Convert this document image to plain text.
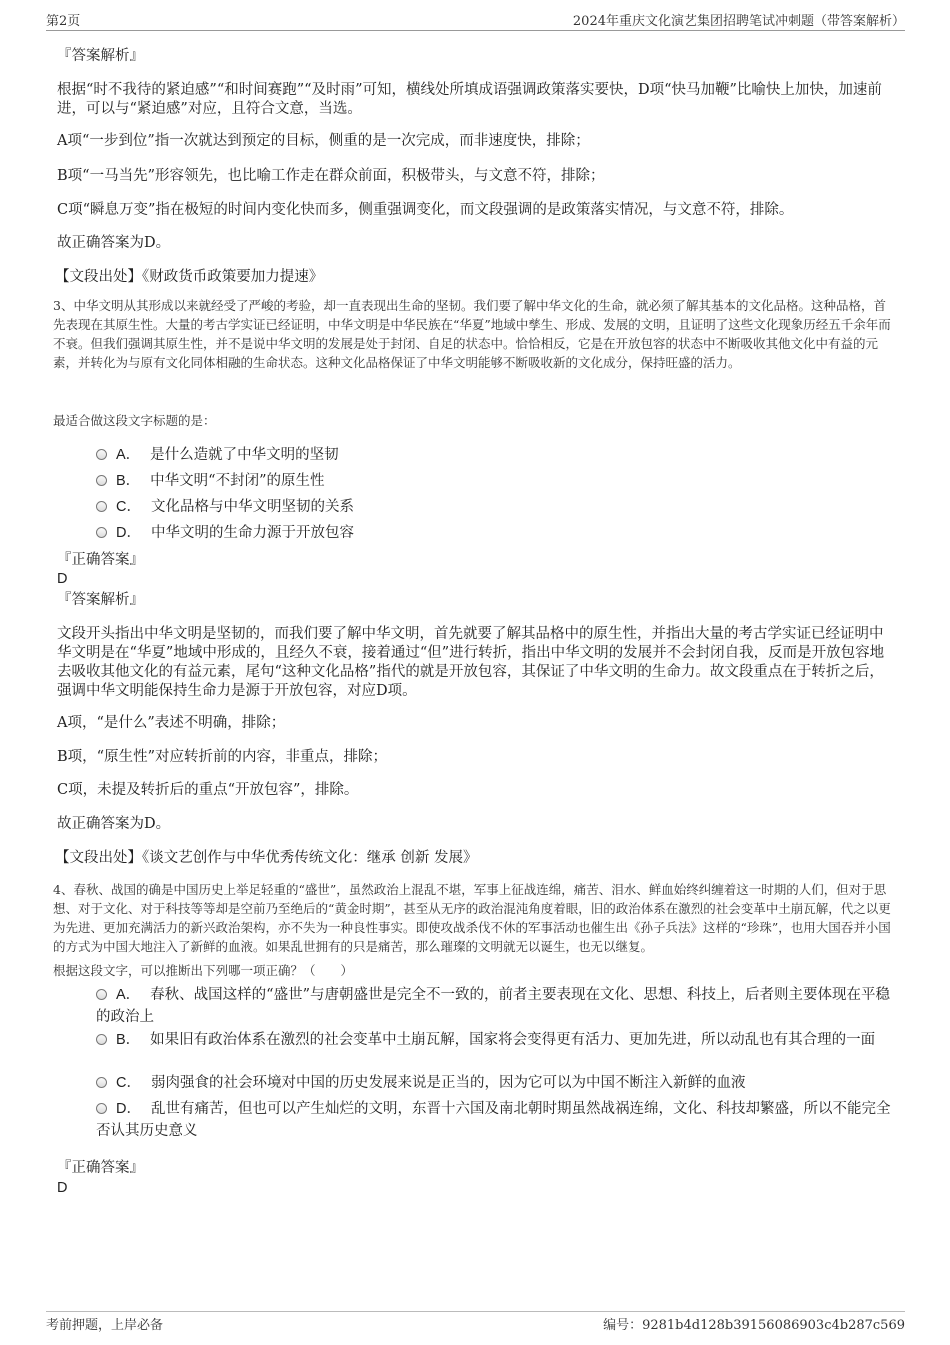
第2页	2024年重庆文化演艺集团招聘笔试冲刺题（带答案解析）
『答案解析』
根据“时不我待的紧迫感”“和时间赛跑”“及时雨”可知，横线处所填成语强调政策落实要快，D项“快马加鞭”比喻快上加快，加速前进，可以与“紧迫感”对应，且符合文意，当选。
A项“一步到位”指一次就达到预定的目标，侧重的是一次完成，而非速度快，排除；
B项“一马当先”形容领先，也比喻工作走在群众前面，积极带头，与文意不符，排除；
C项“瞬息万变”指在极短的时间内变化快而多，侧重强调变化，而文段强调的是政策落实情况，与文意不符，排除。
故正确答案为D。
【文段出处】《财政货币政策要加力提速》
3、中华文明从其形成以来就经受了严峻的考验，却一直表现出生命的坚韧。我们要了解中华文化的生命，就必须了解其基本的文化品格。这种品格，首先表现在其原生性。大量的考古学实证已经证明，中华文明是中华民族在“华夏”地域中孳生、形成、发展的文明，且证明了这些文化现象历经五千余年而不衰。但我们强调其原生性，并不是说中华文明的发展是处于封闭、自足的状态中。恰恰相反，它是在开放包容的状态中不断吸收其他文化中有益的元素，并转化为与原有文化同体相融的生命状态。这种文化品格保证了中华文明能够不断吸收新的文化成分，保持旺盛的活力。
最适合做这段文字标题的是：
A． 是什么造就了中华文明的坚韧
B． 中华文明“不封闭”的原生性
C． 文化品格与中华文明坚韧的关系
D． 中华文明的生命力源于开放包容
『正确答案』
D
『答案解析』
文段开头指出中华文明是坚韧的，而我们要了解中华文明，首先就要了解其品格中的原生性，并指出大量的考古学实证已经证明中华文明是在“华夏”地域中形成的，且经久不衰，接着通过“但”进行转折，指出中华文明的发展并不会封闭自我，反而是开放包容地去吸收其他文化的有益元素，尾句“这种文化品格”指代的就是开放包容，其保证了中华文明的生命力。故文段重点在于转折之后，强调中华文明能保持生命力是源于开放包容，对应D项。
A项，“是什么”表述不明确，排除；
B项，“原生性”对应转折前的内容，非重点，排除；
C项，未提及转折后的重点“开放包容”，排除。
故正确答案为D。
【文段出处】《谈文艺创作与中华优秀传统文化：继承 创新 发展》
4、春秋、战国的确是中国历史上举足轻重的“盛世”，虽然政治上混乱不堪，军事上征战连绵，痛苦、泪水、鲜血始终纠缠着这一时期的人们，但对于思想、对于文化、对于科技等等却是空前乃至绝后的“黄金时期”，甚至从无序的政治混沌角度着眼，旧的政治体系在激烈的社会变革中土崩瓦解，代之以更为先进、更加充满活力的新兴政治架构，亦不失为一种良性事实。即使攻战杀伐不休的军事活动也催生出《孙子兵法》这样的“珍珠”，也用大国吞并小国的方式为中国大地注入了新鲜的血液。如果乱世拥有的只是痛苦，那么璀璨的文明就无以诞生，也无以继复。
根据这段文字，可以推断出下列哪一项正确？（　　）
A． 春秋、战国这样的“盛世”与唐朝盛世是完全不一致的，前者主要表现在文化、思想、科技上，后者则主要体现在平稳的政治上
B． 如果旧有政治体系在激烈的社会变革中土崩瓦解，国家将会变得更有活力、更加先进，所以动乱也有其合理的一面
C． 弱肉强食的社会环境对中国的历史发展来说是正当的，因为它可以为中国不断注入新鲜的血液
D． 乱世有痛苦，但也可以产生灿烂的文明，东晋十六国及南北朝时期虽然战祸连绵，文化、科技却繁盛，所以不能完全否认其历史意义
『正确答案』
D
考前押题，上岸必备	编号：9281b4d128b39156086903c4b287c569
